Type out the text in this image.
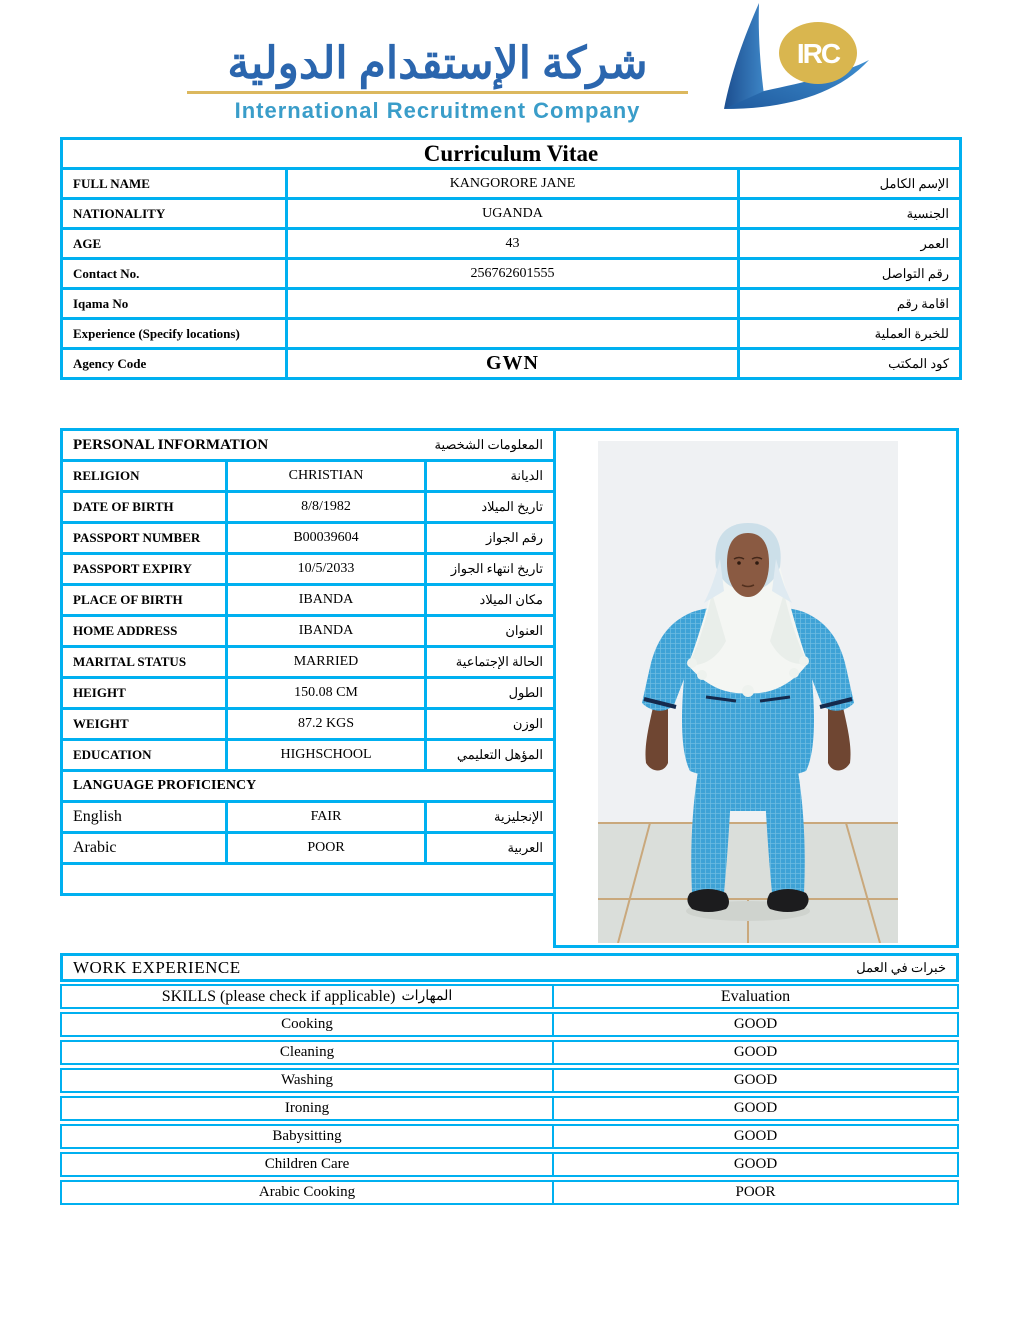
شركة الإستقدام الدولية
International Recruitment Company
IRC
Curriculum Vitae		
FULL NAME	KANGORORE JANE	الإسم الكامل
NATIONALITY	UGANDA	الجنسية
AGE	43	العمر
Contact No.	256762601555	رقم التواصل
Iqama No		اقامة رقم
Experience (Specify locations)		للخبرة العملية
Agency Code	GWN	كود المكتب
PERSONAL INFORMATION المعلومات الشخصية		

RELIGION	CHRISTIAN	الديانة
DATE OF BIRTH	8/8/1982	تاريخ الميلاد
PASSPORT NUMBER	B00039604	رقم الجواز
PASSPORT EXPIRY	10/5/2033	تاريخ انتهاء الجواز
PLACE OF BIRTH	IBANDA	مكان الميلاد
HOME ADDRESS	IBANDA	العنوان
MARITAL STATUS	MARRIED	الحالة الإجتماعية
HEIGHT	150.08 CM	الطول
WEIGHT	87.2 KGS	الوزن
EDUCATION	HIGHSCHOOL	المؤهل التعليمي
LANGUAGE PROFICIENCY		
English	FAIR	الإنجليزية
Arabic	POOR	العربية

WORK EXPERIENCE	خبرات في العمل
SKILLS (please check if applicable) المهارات	Evaluation
Cooking	GOOD
Cleaning	GOOD
Washing	GOOD
Ironing	GOOD
Babysitting	GOOD
Children Care	GOOD
Arabic Cooking	POOR
